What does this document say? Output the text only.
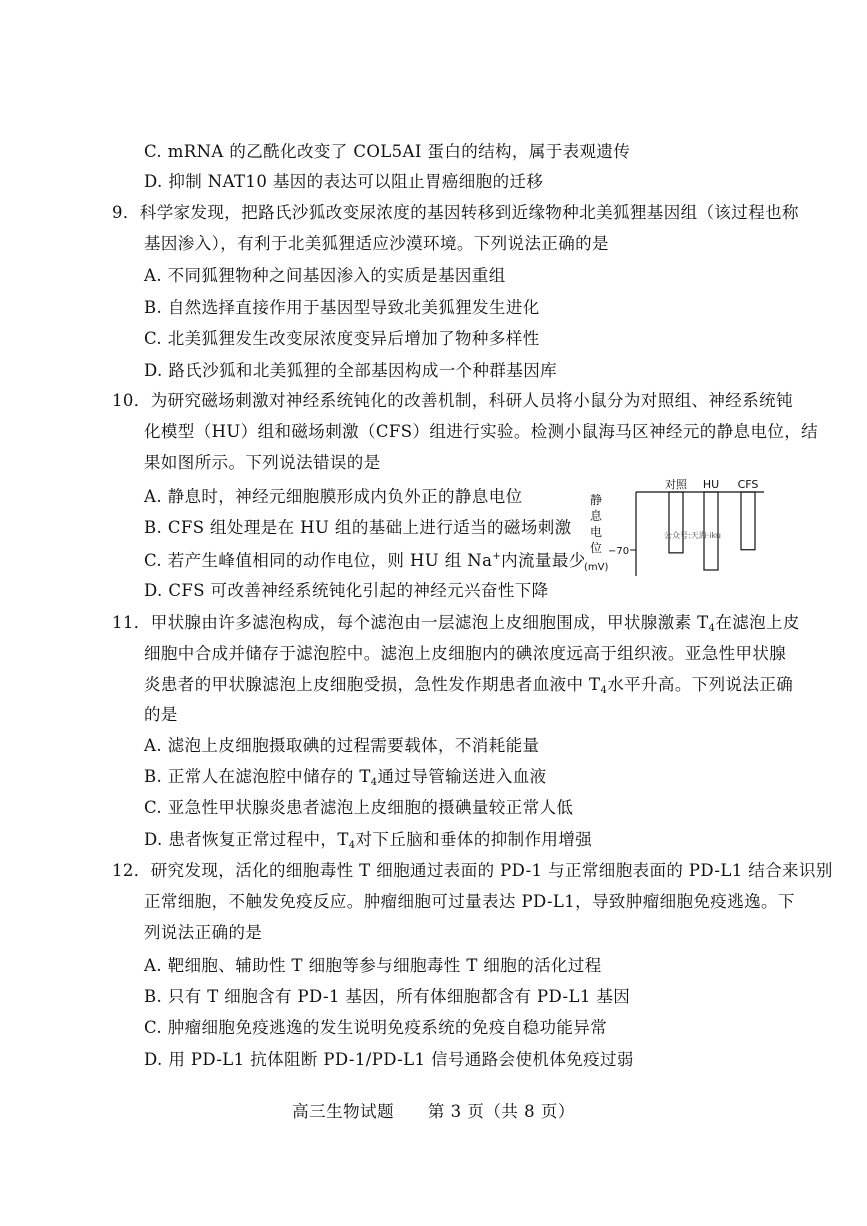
C. mRNA 的乙酰化改变了 COL5AI 蛋白的结构，属于表观遗传
D. 抑制 NAT10 基因的表达可以阻止胃癌细胞的迁移
9．科学家发现，把路氏沙狐改变尿浓度的基因转移到近缘物种北美狐狸基因组（该过程也称
基因渗入），有利于北美狐狸适应沙漠环境。下列说法正确的是
A. 不同狐狸物种之间基因渗入的实质是基因重组
B. 自然选择直接作用于基因型导致北美狐狸发生进化
C. 北美狐狸发生改变尿浓度变异后增加了物种多样性
D. 路氏沙狐和北美狐狸的全部基因构成一个种群基因库
10．为研究磁场刺激对神经系统钝化的改善机制，科研人员将小鼠分为对照组、神经系统钝
化模型（HU）组和磁场刺激（CFS）组进行实验。检测小鼠海马区神经元的静息电位，结
果如图所示。下列说法错误的是
A. 静息时，神经元细胞膜形成内负外正的静息电位
B. CFS 组处理是在 HU 组的基础上进行适当的磁场刺激
C. 若产生峰值相同的动作电位，则 HU 组 Na+内流量最少
D. CFS 可改善神经系统钝化引起的神经元兴奋性下降
静
息
电
位
(mV)
−70
对照 HU CFS
公众号:天海·iku
11．甲状腺由许多滤泡构成，每个滤泡由一层滤泡上皮细胞围成，甲状腺激素 $T_4$在滤泡上皮
细胞中合成并储存于滤泡腔中。滤泡上皮细胞内的碘浓度远高于组织液。亚急性甲状腺
炎患者的甲状腺滤泡上皮细胞受损，急性发作期患者血液中 $T_4$水平升高。下列说法正确
的是
A. 滤泡上皮细胞摄取碘的过程需要载体，不消耗能量
B. 正常人在滤泡腔中储存的 $T_4$通过导管输送进入血液
C. 亚急性甲状腺炎患者滤泡上皮细胞的摄碘量较正常人低
D. 患者恢复正常过程中，$T_4$对下丘脑和垂体的抑制作用增强
12．研究发现，活化的细胞毒性 T 细胞通过表面的 PD-1 与正常细胞表面的 PD-L1 结合来识别
正常细胞，不触发免疫反应。肿瘤细胞可过量表达 PD-L1，导致肿瘤细胞免疫逃逸。下
列说法正确的是
A. 靶细胞、辅助性 T 细胞等参与细胞毒性 T 细胞的活化过程
B. 只有 T 细胞含有 PD-1 基因，所有体细胞都含有 PD-L1 基因
C. 肿瘤细胞免疫逃逸的发生说明免疫系统的免疫自稳功能异常
D. 用 PD-L1 抗体阻断 PD-1/PD-L1 信号通路会使机体免疫过弱
高三生物试题 第 3 页（共 8 页）
